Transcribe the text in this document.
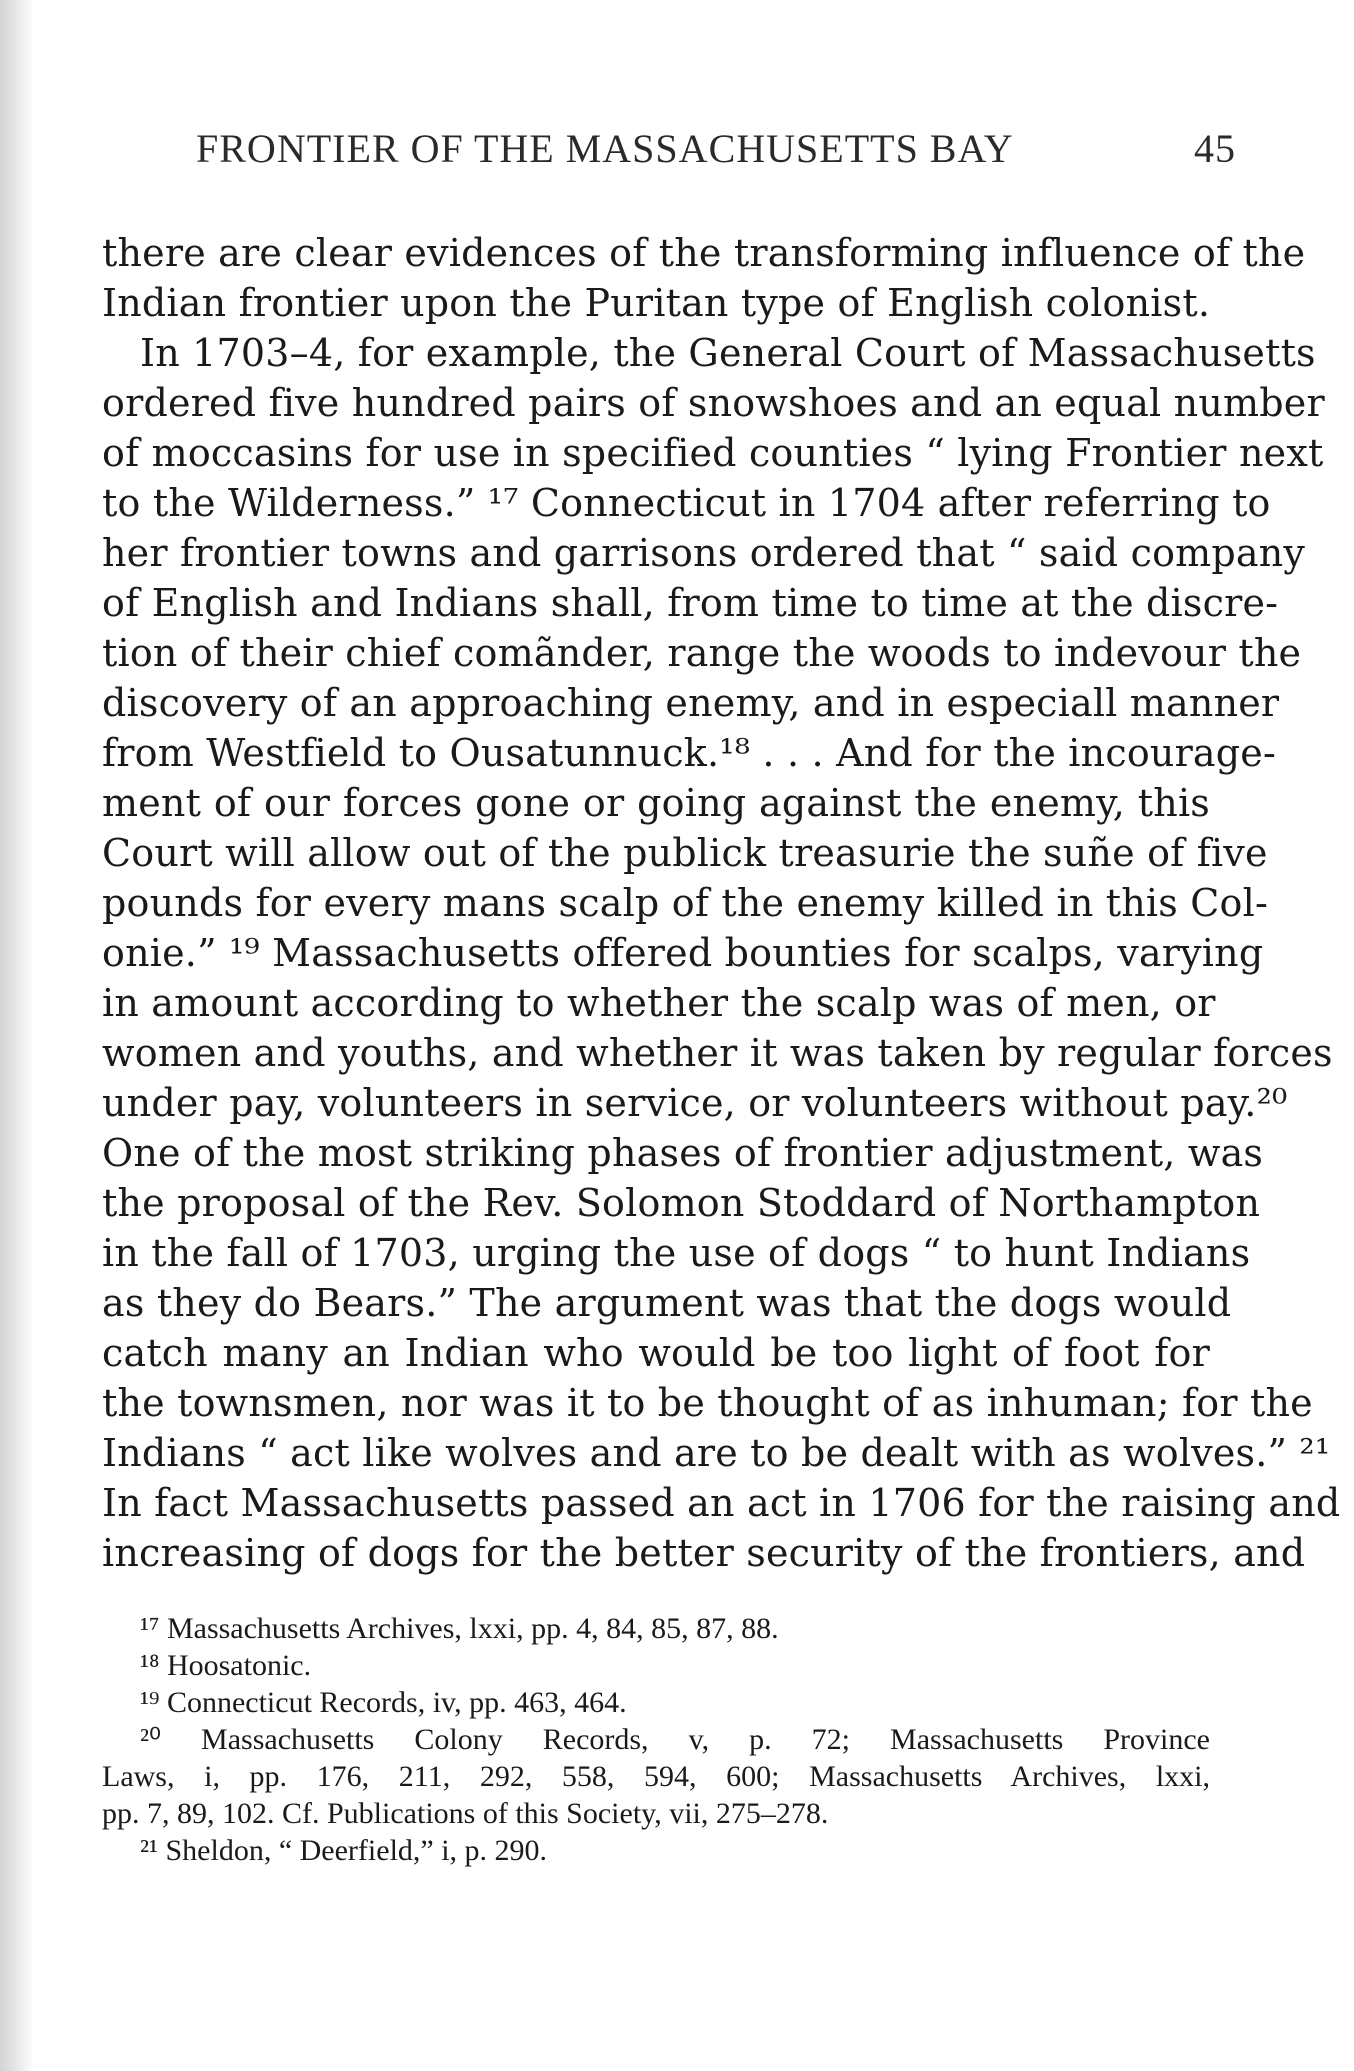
FRONTIER OF THE MASSACHUSETTS BAY	45
there are clear evidences of the transforming influence of the
Indian frontier upon the Puritan type of English colonist.
In 1703–4, for example, the General Court of Massachusetts
ordered five hundred pairs of snowshoes and an equal number
of moccasins for use in specified counties “ lying Frontier next
to the Wilderness.” ¹⁷ Connecticut in 1704 after referring to
her frontier towns and garrisons ordered that “ said company
of English and Indians shall, from time to time at the discre-
tion of their chief comãnder, range the woods to indevour the
discovery of an approaching enemy, and in especiall manner
from Westfield to Ousatunnuck.¹⁸ . . . And for the incourage-
ment of our forces gone or going against the enemy, this
Court will allow out of the publick treasurie the suñe of five
pounds for every mans scalp of the enemy killed in this Col-
onie.” ¹⁹ Massachusetts offered bounties for scalps, varying
in amount according to whether the scalp was of men, or
women and youths, and whether it was taken by regular forces
under pay, volunteers in service, or volunteers without pay.²⁰
One of the most striking phases of frontier adjustment, was
the proposal of the Rev. Solomon Stoddard of Northampton
in the fall of 1703, urging the use of dogs “ to hunt Indians
as they do Bears.” The argument was that the dogs would
catch many an Indian who would be too light of foot for
the townsmen, nor was it to be thought of as inhuman; for the
Indians “ act like wolves and are to be dealt with as wolves.” ²¹
In fact Massachusetts passed an act in 1706 for the raising and
increasing of dogs for the better security of the frontiers, and
¹⁷ Massachusetts Archives, lxxi, pp. 4, 84, 85, 87, 88.
¹⁸ Hoosatonic.
¹⁹ Connecticut Records, iv, pp. 463, 464.
²⁰ Massachusetts Colony Records, v, p. 72; Massachusetts Province
Laws, i, pp. 176, 211, 292, 558, 594, 600; Massachusetts Archives, lxxi,
pp. 7, 89, 102. Cf. Publications of this Society, vii, 275–278.
²¹ Sheldon, “ Deerfield,” i, p. 290.
